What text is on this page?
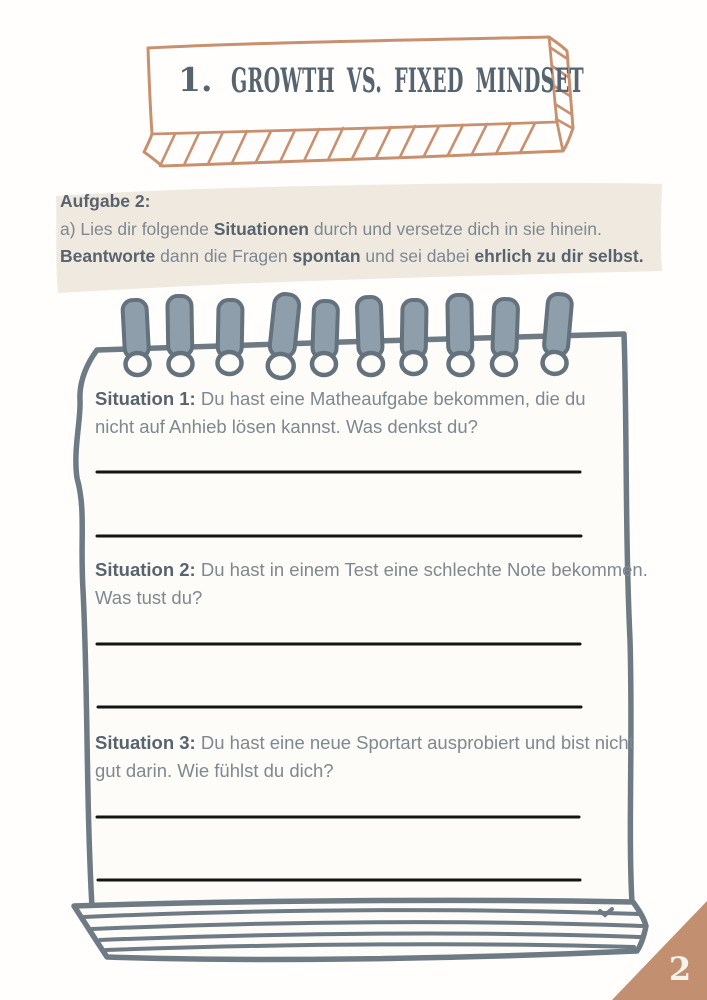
1. GROWTH VS. FIXED MINDSET
Aufgabe 2:
a) Lies dir folgende Situationen durch und versetze dich in sie hinein.
Beantworte dann die Fragen spontan und sei dabei ehrlich zu dir selbst.
Situation 1: Du hast eine Matheaufgabe bekommen, die du
nicht auf Anhieb lösen kannst. Was denkst du?
Situation 2: Du hast in einem Test eine schlechte Note bekommen.
Was tust du?
Situation 3: Du hast eine neue Sportart ausprobiert und bist nicht
gut darin. Wie fühlst du dich?
2
